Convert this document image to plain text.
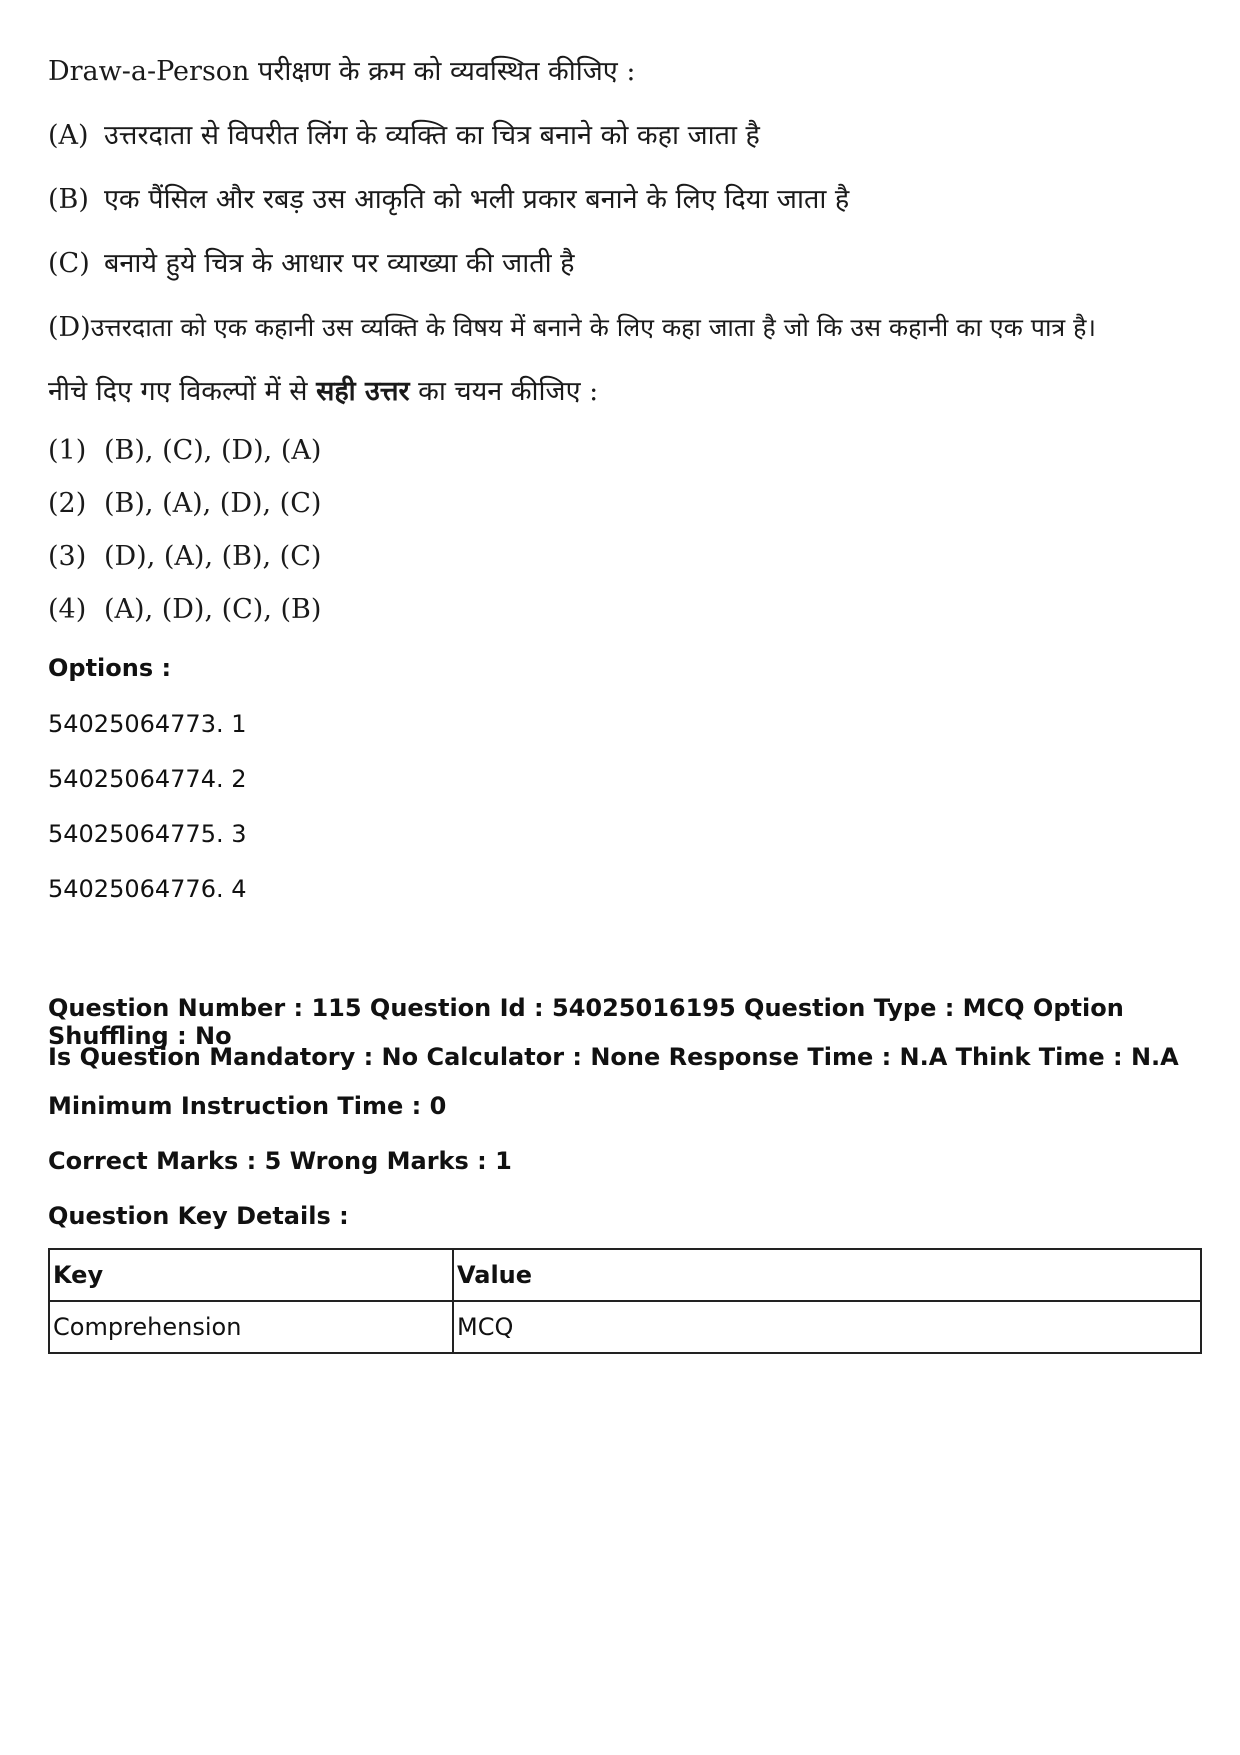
Draw-a-Person परीक्षण के क्रम को व्यवस्थित कीजिए :
(A) उत्तरदाता से विपरीत लिंग के व्यक्ति का चित्र बनाने को कहा जाता है
(B) एक पैंसिल और रबड़ उस आकृति को भली प्रकार बनाने के लिए दिया जाता है
(C) बनाये हुये चित्र के आधार पर व्याख्या की जाती है
(D) उत्तरदाता को एक कहानी उस व्यक्ति के विषय में बनाने के लिए कहा जाता है जो कि उस कहानी का एक पात्र है।
नीचे दिए गए विकल्पों में से सही उत्तर का चयन कीजिए :
(1) (B), (C), (D), (A)
(2) (B), (A), (D), (C)
(3) (D), (A), (B), (C)
(4) (A), (D), (C), (B)
Options :
54025064773. 1
54025064774. 2
54025064775. 3
54025064776. 4
Question Number : 115 Question Id : 54025016195 Question Type : MCQ Option Shuffling : No
Is Question Mandatory : No Calculator : None Response Time : N.A Think Time : N.A
Minimum Instruction Time : 0
Correct Marks : 5 Wrong Marks : 1
Question Key Details :
Key	Value
Comprehension	MCQ
